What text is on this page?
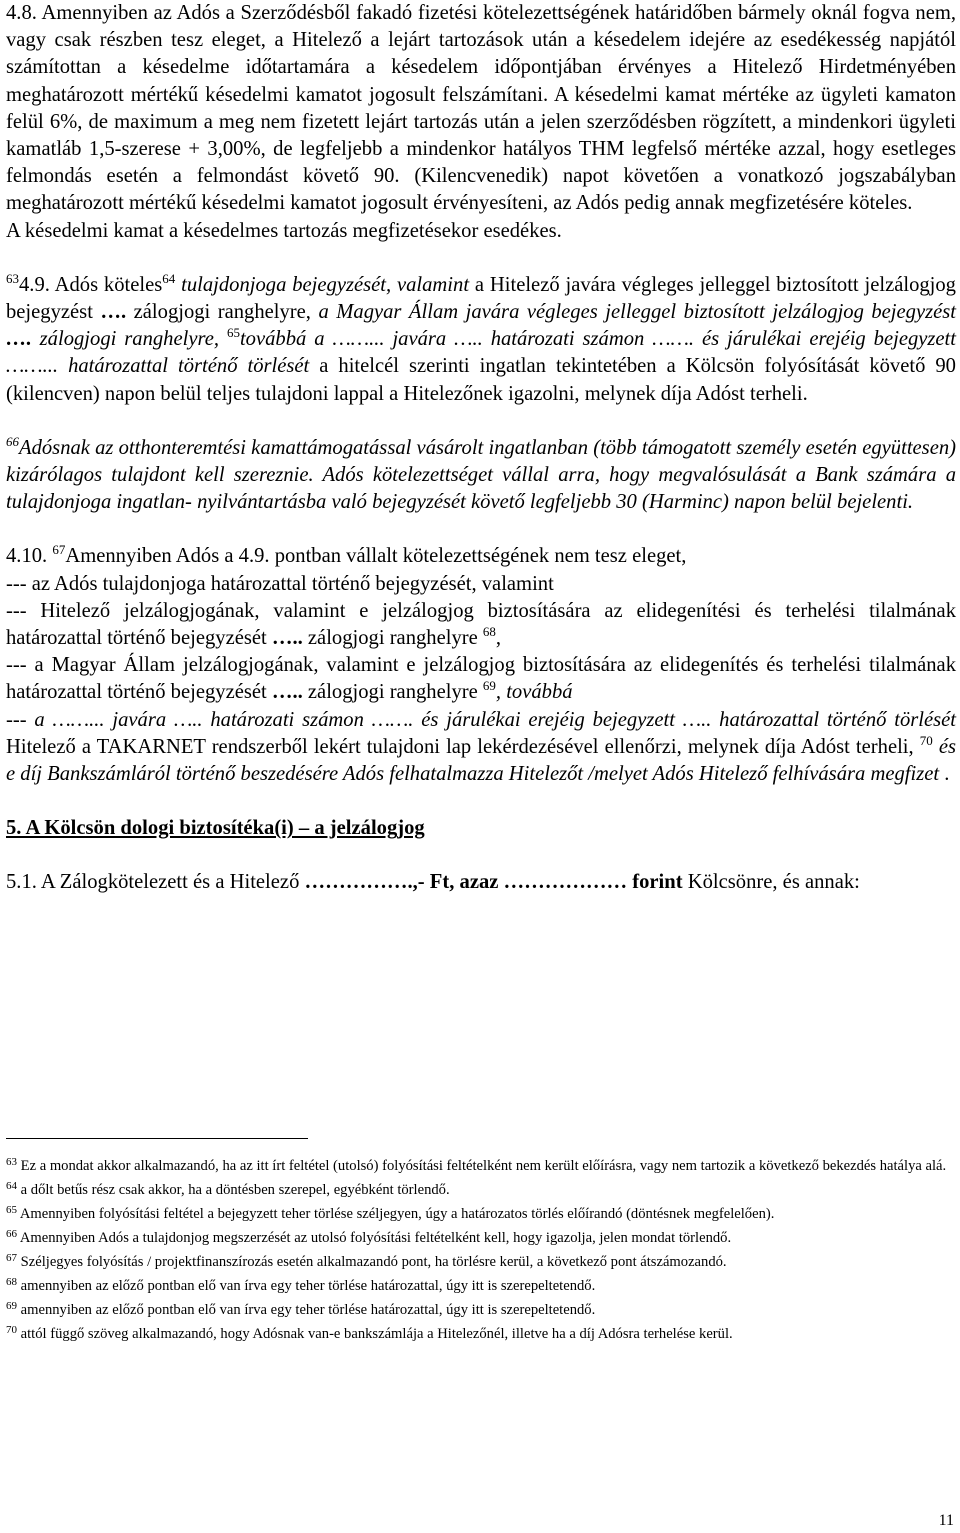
4.8. Amennyiben az Adós a Szerződésből fakadó fizetési kötelezettségének határidőben bármely oknál fogva nem, vagy csak részben tesz eleget, a Hitelező a lejárt tartozások után a késedelem idejére az esedékesség napjától számítottan a késedelme időtartamára a késedelem időpontjában érvényes a Hitelező Hirdetményében meghatározott mértékű késedelmi kamatot jogosult felszámítani. A késedelmi kamat mértéke az ügyleti kamaton felül 6%, de maximum a meg nem fizetett lejárt tartozás után a jelen szerződésben rögzített, a mindenkori ügyleti kamatláb 1,5-szerese + 3,00%, de legfeljebb a mindenkor hatályos THM legfelső mértéke azzal, hogy esetleges felmondás esetén a felmondást követő 90. (Kilencvenedik) napot követően a vonatkozó jogszabályban meghatározott mértékű késedelmi kamatot jogosult érvényesíteni, az Adós pedig annak megfizetésére köteles.
A késedelmi kamat a késedelmes tartozás megfizetésekor esedékes.

$^{63}$4.9. Adós köteles$^{64}$ tulajdonjoga bejegyzését, valamint a Hitelező javára végleges jelleggel biztosított jelzálogjog bejegyzést …. zálogjogi ranghelyre, a Magyar Állam javára végleges jelleggel biztosított jelzálogjog bejegyzést …. zálogjogi ranghelyre, $^{65}$továbbá a ……... javára ….. határozati számon ……. és járulékai erejéig bejegyzett ……... határozattal történő törlését a hitelcél szerinti ingatlan tekintetében a Kölcsön folyósítását követő 90 (kilencven) napon belül teljes tulajdoni lappal a Hitelezőnek igazolni, melynek díja Adóst terheli.

$^{66}$Adósnak az otthonteremtési kamattámogatással vásárolt ingatlanban (több támogatott személy esetén együttesen) kizárólagos tulajdont kell szereznie. Adós kötelezettséget vállal arra, hogy megvalósulását a Bank számára a tulajdonjoga ingatlan- nyilvántartásba való bejegyzését követő legfeljebb 30 (Harminc) napon belül bejelenti.

4.10. $^{67}$Amennyiben Adós a 4.9. pontban vállalt kötelezettségének nem tesz eleget,
--- az Adós tulajdonjoga határozattal történő bejegyzését, valamint
--- Hitelező jelzálogjogának, valamint e jelzálogjog biztosítására az elidegenítési és terhelési tilalmának határozattal történő bejegyzését ….. zálogjogi ranghelyre $^{68}$,
--- a Magyar Állam jelzálogjogának, valamint e jelzálogjog biztosítására az elidegenítés és terhelési tilalmának határozattal történő bejegyzését ….. zálogjogi ranghelyre $^{69}$, továbbá
--- a ……... javára ….. határozati számon ……. és járulékai erejéig bejegyzett ….. határozattal történő törlését Hitelező a TAKARNET rendszerből lekért tulajdoni lap lekérdezésével ellenőrzi, melynek díja Adóst terheli, $^{70}$ és e díj Bankszámláról történő beszedésére Adós felhatalmazza Hitelezőt /melyet Adós Hitelező felhívására megfizet .

5. A Kölcsön dologi biztosítéka(i) – a jelzálogjog

5.1. A Zálogkötelezett és a Hitelező …………….,- Ft, azaz ……………… forint Kölcsönre, és annak:

$^{63}$ Ez a mondat akkor alkalmazandó, ha az itt írt feltétel (utolsó) folyósítási feltételként nem került előírásra, vagy nem tartozik a következő bekezdés hatálya alá.

$^{64}$ a dőlt betűs rész csak akkor, ha a döntésben szerepel, egyébként törlendő.

$^{65}$ Amennyiben folyósítási feltétel a bejegyzett teher törlése széljegyen, úgy a határozatos törlés előírandó (döntésnek megfelelően).

$^{66}$ Amennyiben Adós a tulajdonjog megszerzését az utolsó folyósítási feltételként kell, hogy igazolja, jelen mondat törlendő.

$^{67}$ Széljegyes folyósítás / projektfinanszírozás esetén alkalmazandó pont, ha törlésre kerül, a következő pont átszámozandó.

$^{68}$ amennyiben az előző pontban elő van írva egy teher törlése határozattal, úgy itt is szerepeltetendő.

$^{69}$ amennyiben az előző pontban elő van írva egy teher törlése határozattal, úgy itt is szerepeltetendő.

$^{70}$ attól függő szöveg alkalmazandó, hogy Adósnak van-e bankszámlája a Hitelezőnél, illetve ha a díj Adósra terhelése kerül.

11
